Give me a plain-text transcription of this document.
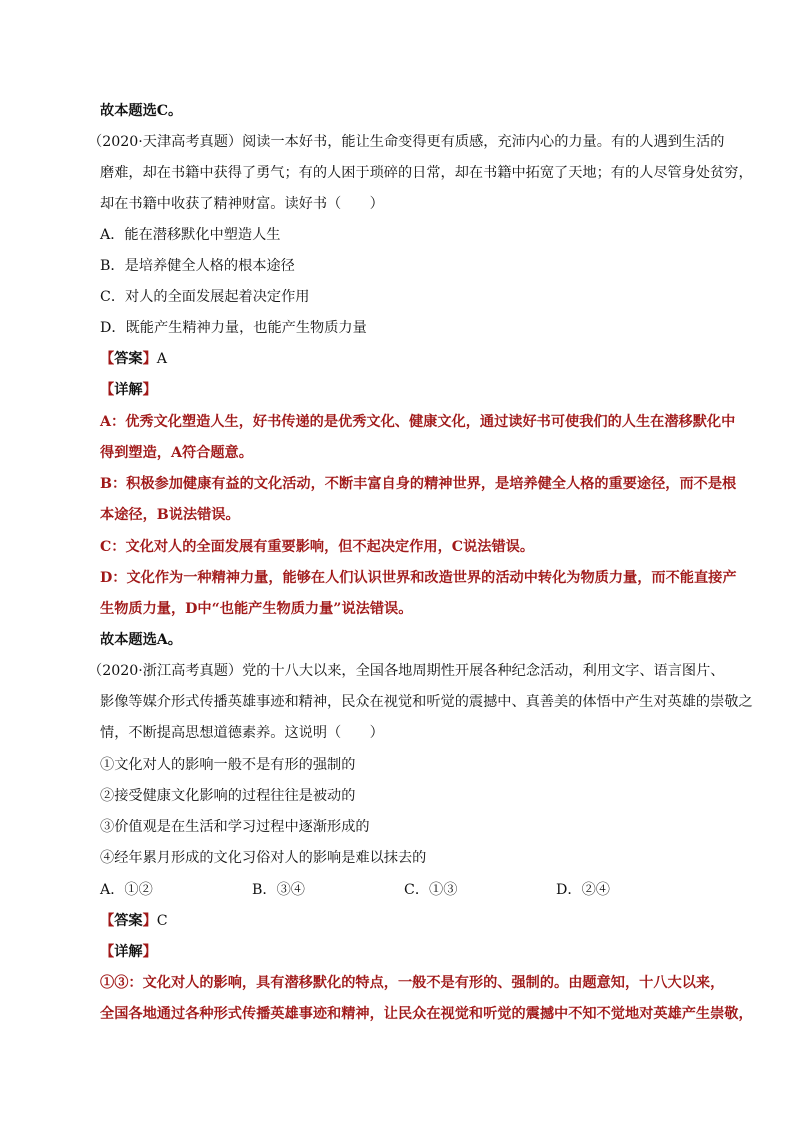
故本题选C。
（2020·天津高考真题）阅读一本好书，能让生命变得更有质感，充沛内心的力量。有的人遇到生活的
磨难，却在书籍中获得了勇气；有的人困于琐碎的日常，却在书籍中拓宽了天地；有的人尽管身处贫穷，
却在书籍中收获了精神财富。读好书（　　）
A．能在潜移默化中塑造人生
B．是培养健全人格的根本途径
C．对人的全面发展起着决定作用
D．既能产生精神力量，也能产生物质力量
【答案】A
【详解】
A：优秀文化塑造人生，好书传递的是优秀文化、健康文化，通过读好书可使我们的人生在潜移默化中
得到塑造，A符合题意。
B：积极参加健康有益的文化活动，不断丰富自身的精神世界，是培养健全人格的重要途径，而不是根
本途径，B说法错误。
C：文化对人的全面发展有重要影响，但不起决定作用，C说法错误。
D：文化作为一种精神力量，能够在人们认识世界和改造世界的活动中转化为物质力量，而不能直接产
生物质力量，D中“也能产生物质力量”说法错误。
故本题选A。
（2020·浙江高考真题）党的十八大以来，全国各地周期性开展各种纪念活动，利用文字、语言图片、
影像等媒介形式传播英雄事迹和精神，民众在视觉和听觉的震撼中、真善美的体悟中产生对英雄的崇敬之
情，不断提高思想道德素养。这说明（　　）
①文化对人的影响一般不是有形的强制的
②接受健康文化影响的过程往往是被动的
③价值观是在生活和学习过程中逐渐形成的
④经年累月形成的文化习俗对人的影响是难以抹去的
A．①②	B．③④	C．①③	D．②④
【答案】C
【详解】
①③：文化对人的影响，具有潜移默化的特点，一般不是有形的、强制的。由题意知，十八大以来，
全国各地通过各种形式传播英雄事迹和精神，让民众在视觉和听觉的震撼中不知不觉地对英雄产生崇敬，
